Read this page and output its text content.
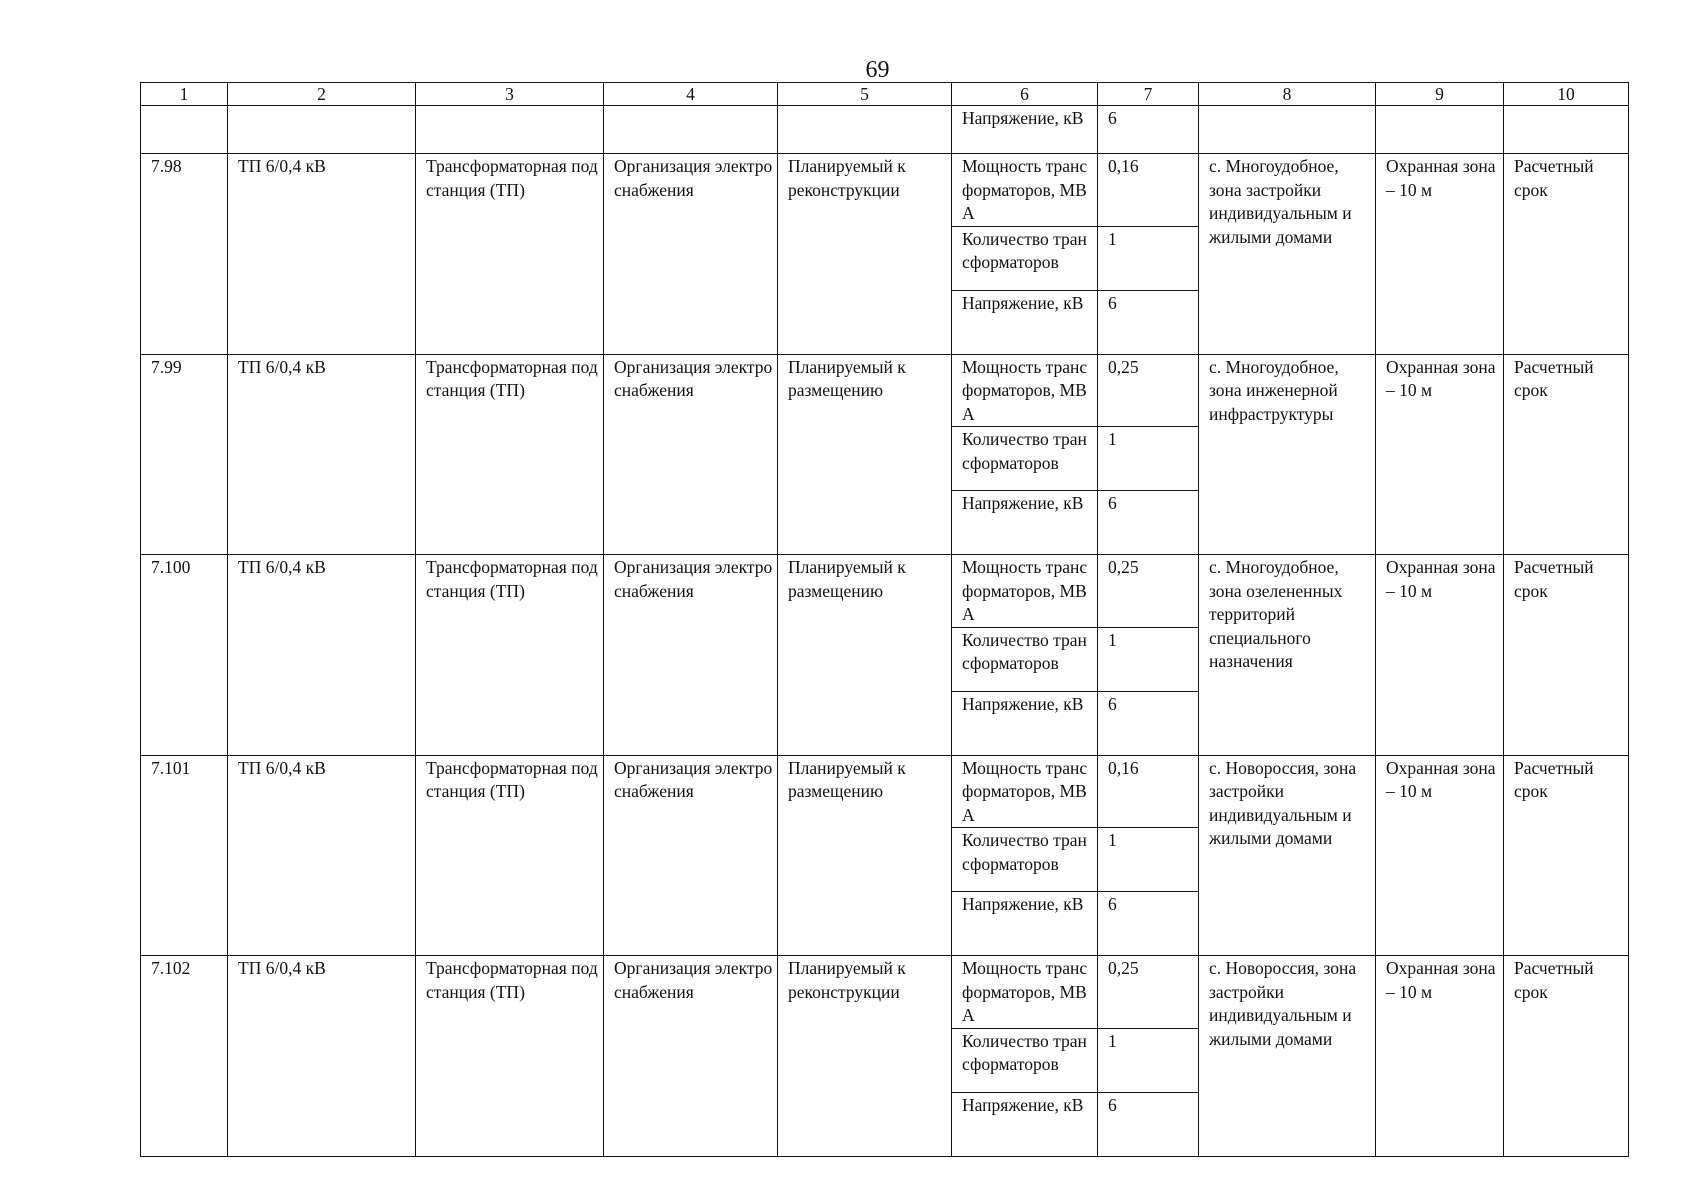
69
1	2	3	4	5	6	7	8	9	10
					Напряжение, кВ	6			
7.98	ТП 6/0,4 кВ	Трансформаторная подстанция (ТП)	Организация электроснабжения	Планируемый к реконструкции	Мощность трансформаторов, МВ А	0,16	с. Многоудобное, зона застройки индивидуальным и жилыми домами	Охранная зона – 10 м	Расчетный срок
					Количество трансформаторов	1			
					Напряжение, кВ	6			
7.99	ТП 6/0,4 кВ	Трансформаторная подстанция (ТП)	Организация электроснабжения	Планируемый к размещению	Мощность трансформаторов, МВ А	0,25	с. Многоудобное, зона инженерной инфраструктуры	Охранная зона – 10 м	Расчетный срок
					Количество трансформаторов	1			
					Напряжение, кВ	6			
7.100	ТП 6/0,4 кВ	Трансформаторная подстанция (ТП)	Организация электроснабжения	Планируемый к размещению	Мощность трансформаторов, МВ А	0,25	с. Многоудобное, зона озелененных территорий специального назначения	Охранная зона – 10 м	Расчетный срок
					Количество трансформаторов	1			
					Напряжение, кВ	6			
7.101	ТП 6/0,4 кВ	Трансформаторная подстанция (ТП)	Организация электроснабжения	Планируемый к размещению	Мощность трансформаторов, МВ А	0,16	с. Новороссия, зона застройки индивидуальным и жилыми домами	Охранная зона – 10 м	Расчетный срок
					Количество трансформаторов	1			
					Напряжение, кВ	6			
7.102	ТП 6/0,4 кВ	Трансформаторная подстанция (ТП)	Организация электроснабжения	Планируемый к реконструкции	Мощность трансформаторов, МВ А	0,25	с. Новороссия, зона застройки индивидуальным и жилыми домами	Охранная зона – 10 м	Расчетный срок
					Количество трансформаторов	1			
					Напряжение, кВ	6			
